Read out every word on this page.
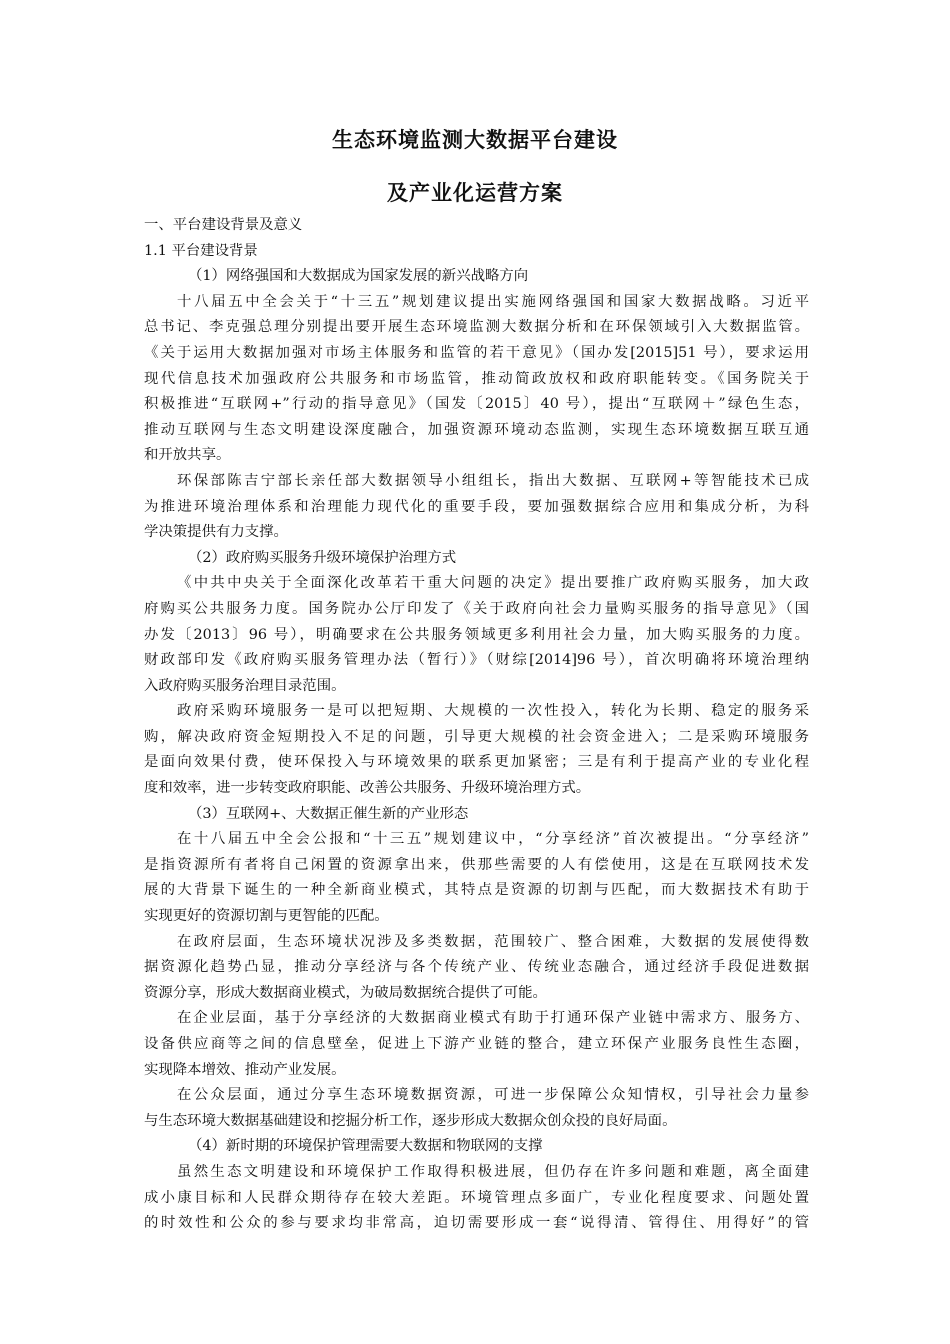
生态环境监测大数据平台建设
及产业化运营方案
一、平台建设背景及意义
1.1 平台建设背景
（1）网络强国和大数据成为国家发展的新兴战略方向
十八届五中全会关于“十三五”规划建议提出实施网络强国和国家大数据战略。习近平
总书记、李克强总理分别提出要开展生态环境监测大数据分析和在环保领域引入大数据监管。
《关于运用大数据加强对市场主体服务和监管的若干意见》（国办发[2015]51 号），要求运用
现代信息技术加强政府公共服务和市场监管，推动简政放权和政府职能转变。《国务院关于
积极推进“互联网+”行动的指导意见》（国发〔2015〕40 号），提出“互联网＋”绿色生态，
推动互联网与生态文明建设深度融合，加强资源环境动态监测，实现生态环境数据互联互通
和开放共享。
环保部陈吉宁部长亲任部大数据领导小组组长，指出大数据、互联网+等智能技术已成
为推进环境治理体系和治理能力现代化的重要手段，要加强数据综合应用和集成分析，为科
学决策提供有力支撑。
（2）政府购买服务升级环境保护治理方式
《中共中央关于全面深化改革若干重大问题的决定》提出要推广政府购买服务，加大政
府购买公共服务力度。国务院办公厅印发了《关于政府向社会力量购买服务的指导意见》（国
办发〔2013〕96 号），明确要求在公共服务领域更多利用社会力量，加大购买服务的力度。
财政部印发《政府购买服务管理办法（暂行）》（财综[2014]96 号），首次明确将环境治理纳
入政府购买服务治理目录范围。
政府采购环境服务一是可以把短期、大规模的一次性投入，转化为长期、稳定的服务采
购，解决政府资金短期投入不足的问题，引导更大规模的社会资金进入；二是采购环境服务
是面向效果付费，使环保投入与环境效果的联系更加紧密；三是有利于提高产业的专业化程
度和效率，进一步转变政府职能、改善公共服务、升级环境治理方式。
（3）互联网+、大数据正催生新的产业形态
在十八届五中全会公报和“十三五”规划建议中，“分享经济”首次被提出。“分享经济”
是指资源所有者将自己闲置的资源拿出来，供那些需要的人有偿使用，这是在互联网技术发
展的大背景下诞生的一种全新商业模式，其特点是资源的切割与匹配，而大数据技术有助于
实现更好的资源切割与更智能的匹配。
在政府层面，生态环境状况涉及多类数据，范围较广、整合困难，大数据的发展使得数
据资源化趋势凸显，推动分享经济与各个传统产业、传统业态融合，通过经济手段促进数据
资源分享，形成大数据商业模式，为破局数据统合提供了可能。
在企业层面，基于分享经济的大数据商业模式有助于打通环保产业链中需求方、服务方、
设备供应商等之间的信息壁垒，促进上下游产业链的整合，建立环保产业服务良性生态圈，
实现降本增效、推动产业发展。
在公众层面，通过分享生态环境数据资源，可进一步保障公众知情权，引导社会力量参
与生态环境大数据基础建设和挖掘分析工作，逐步形成大数据众创众投的良好局面。
（4）新时期的环境保护管理需要大数据和物联网的支撑
虽然生态文明建设和环境保护工作取得积极进展，但仍存在许多问题和难题，离全面建
成小康目标和人民群众期待存在较大差距。环境管理点多面广，专业化程度要求、问题处置
的时效性和公众的参与要求均非常高，迫切需要形成一套“说得清、管得住、用得好”的管
